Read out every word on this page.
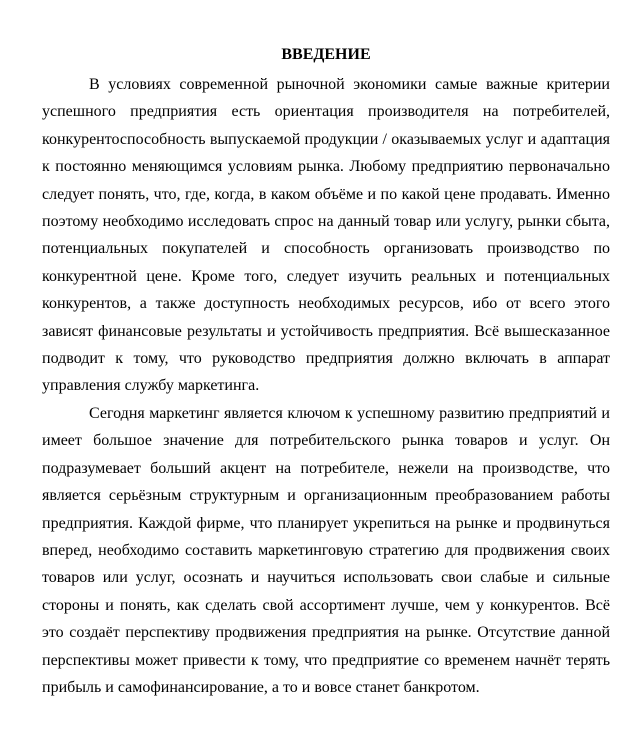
ВВЕДЕНИЕ

В условиях современной рыночной экономики самые важные критерии успешного предприятия есть ориентация производителя на потребителей, конкурентоспособность выпускаемой продукции / оказываемых услуг и адаптация к постоянно меняющимся условиям рынка. Любому предприятию первоначально следует понять, что, где, когда, в каком объёме и по какой цене продавать. Именно поэтому необходимо исследовать спрос на данный товар или услугу, рынки сбыта, потенциальных покупателей и способность организовать производство по конкурентной цене. Кроме того, следует изучить реальных и потенциальных конкурентов, а также доступность необходимых ресурсов, ибо от всего этого зависят финансовые результаты и устойчивость предприятия. Всё вышесказанное подводит к тому, что руководство предприятия должно включать в аппарат управления службу маркетинга.

Сегодня маркетинг является ключом к успешному развитию предприятий и имеет большое значение для потребительского рынка товаров и услуг. Он подразумевает больший акцент на потребителе, нежели на производстве, что является серьёзным структурным и организационным преобразованием работы предприятия. Каждой фирме, что планирует укрепиться на рынке и продвинуться вперед, необходимо составить маркетинговую стратегию для продвижения своих товаров или услуг, осознать и научиться использовать свои слабые и сильные стороны и понять, как сделать свой ассортимент лучше, чем у конкурентов. Всё это создаёт перспективу продвижения предприятия на рынке. Отсутствие данной перспективы может привести к тому, что предприятие со временем начнёт терять прибыль и самофинансирование, а то и вовсе станет банкротом.
